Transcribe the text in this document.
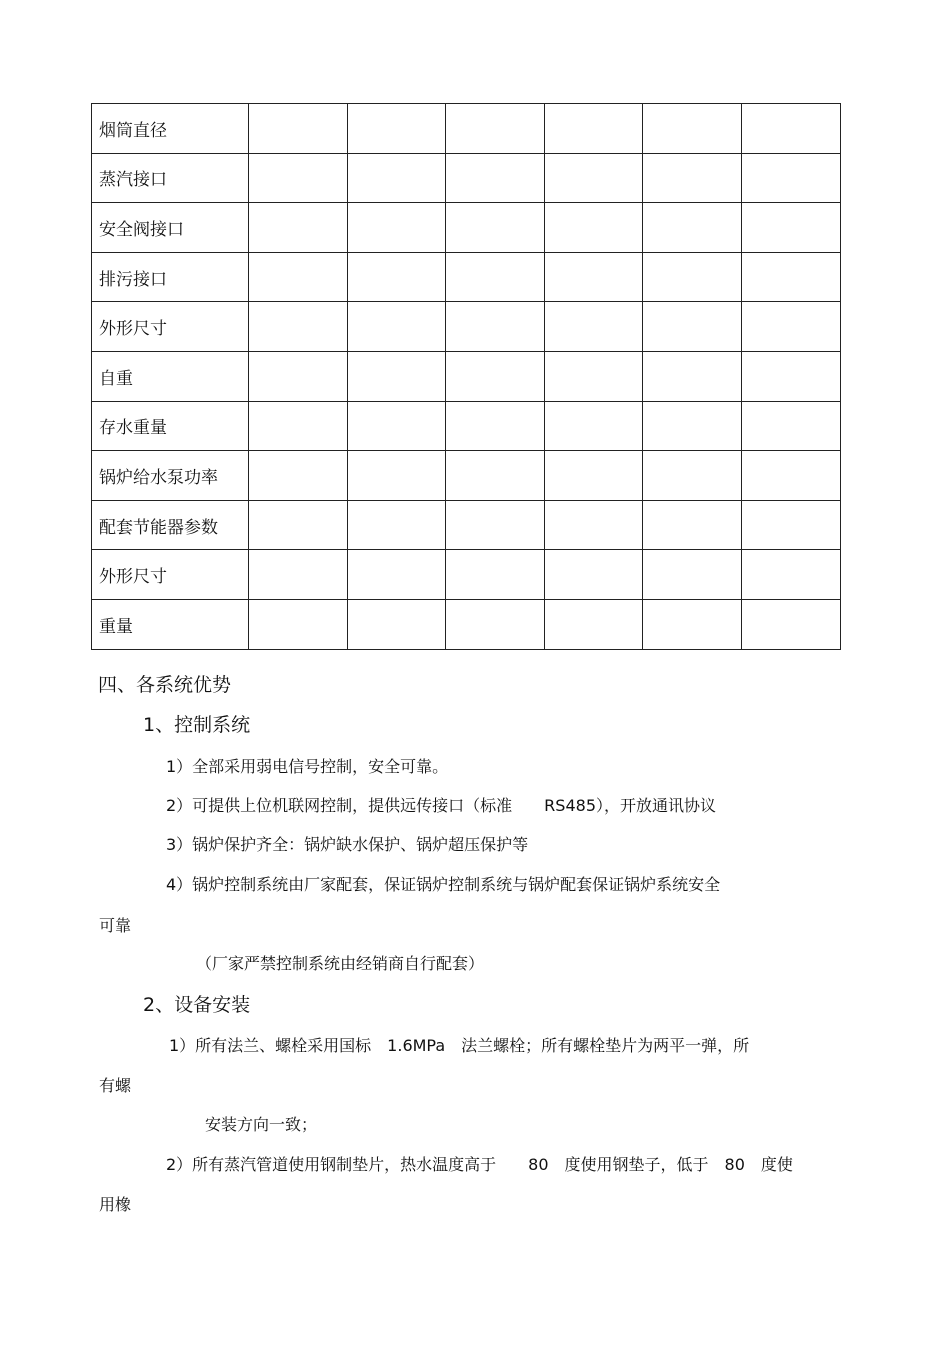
烟筒直径						
蒸汽接口						
安全阀接口						
排污接口						
外形尺寸						
自重						
存水重量						
锅炉给水泵功率						
配套节能器参数						
外形尺寸						
重量						
四、各系统优势
1、控制系统
1）全部采用弱电信号控制，安全可靠。
2）可提供上位机联网控制，提供远传接口（标准　　RS485），开放通讯协议
3）锅炉保护齐全：锅炉缺水保护、锅炉超压保护等
4）锅炉控制系统由厂家配套，保证锅炉控制系统与锅炉配套保证锅炉系统安全
可靠
（厂家严禁控制系统由经销商自行配套）
2、设备安装
1）所有法兰、螺栓采用国标　1.6MPa　法兰螺栓；所有螺栓垫片为两平一弹，所
有螺
安装方向一致；
2）所有蒸汽管道使用钢制垫片，热水温度高于　　80　度使用钢垫子，低于　80　度使
用橡
